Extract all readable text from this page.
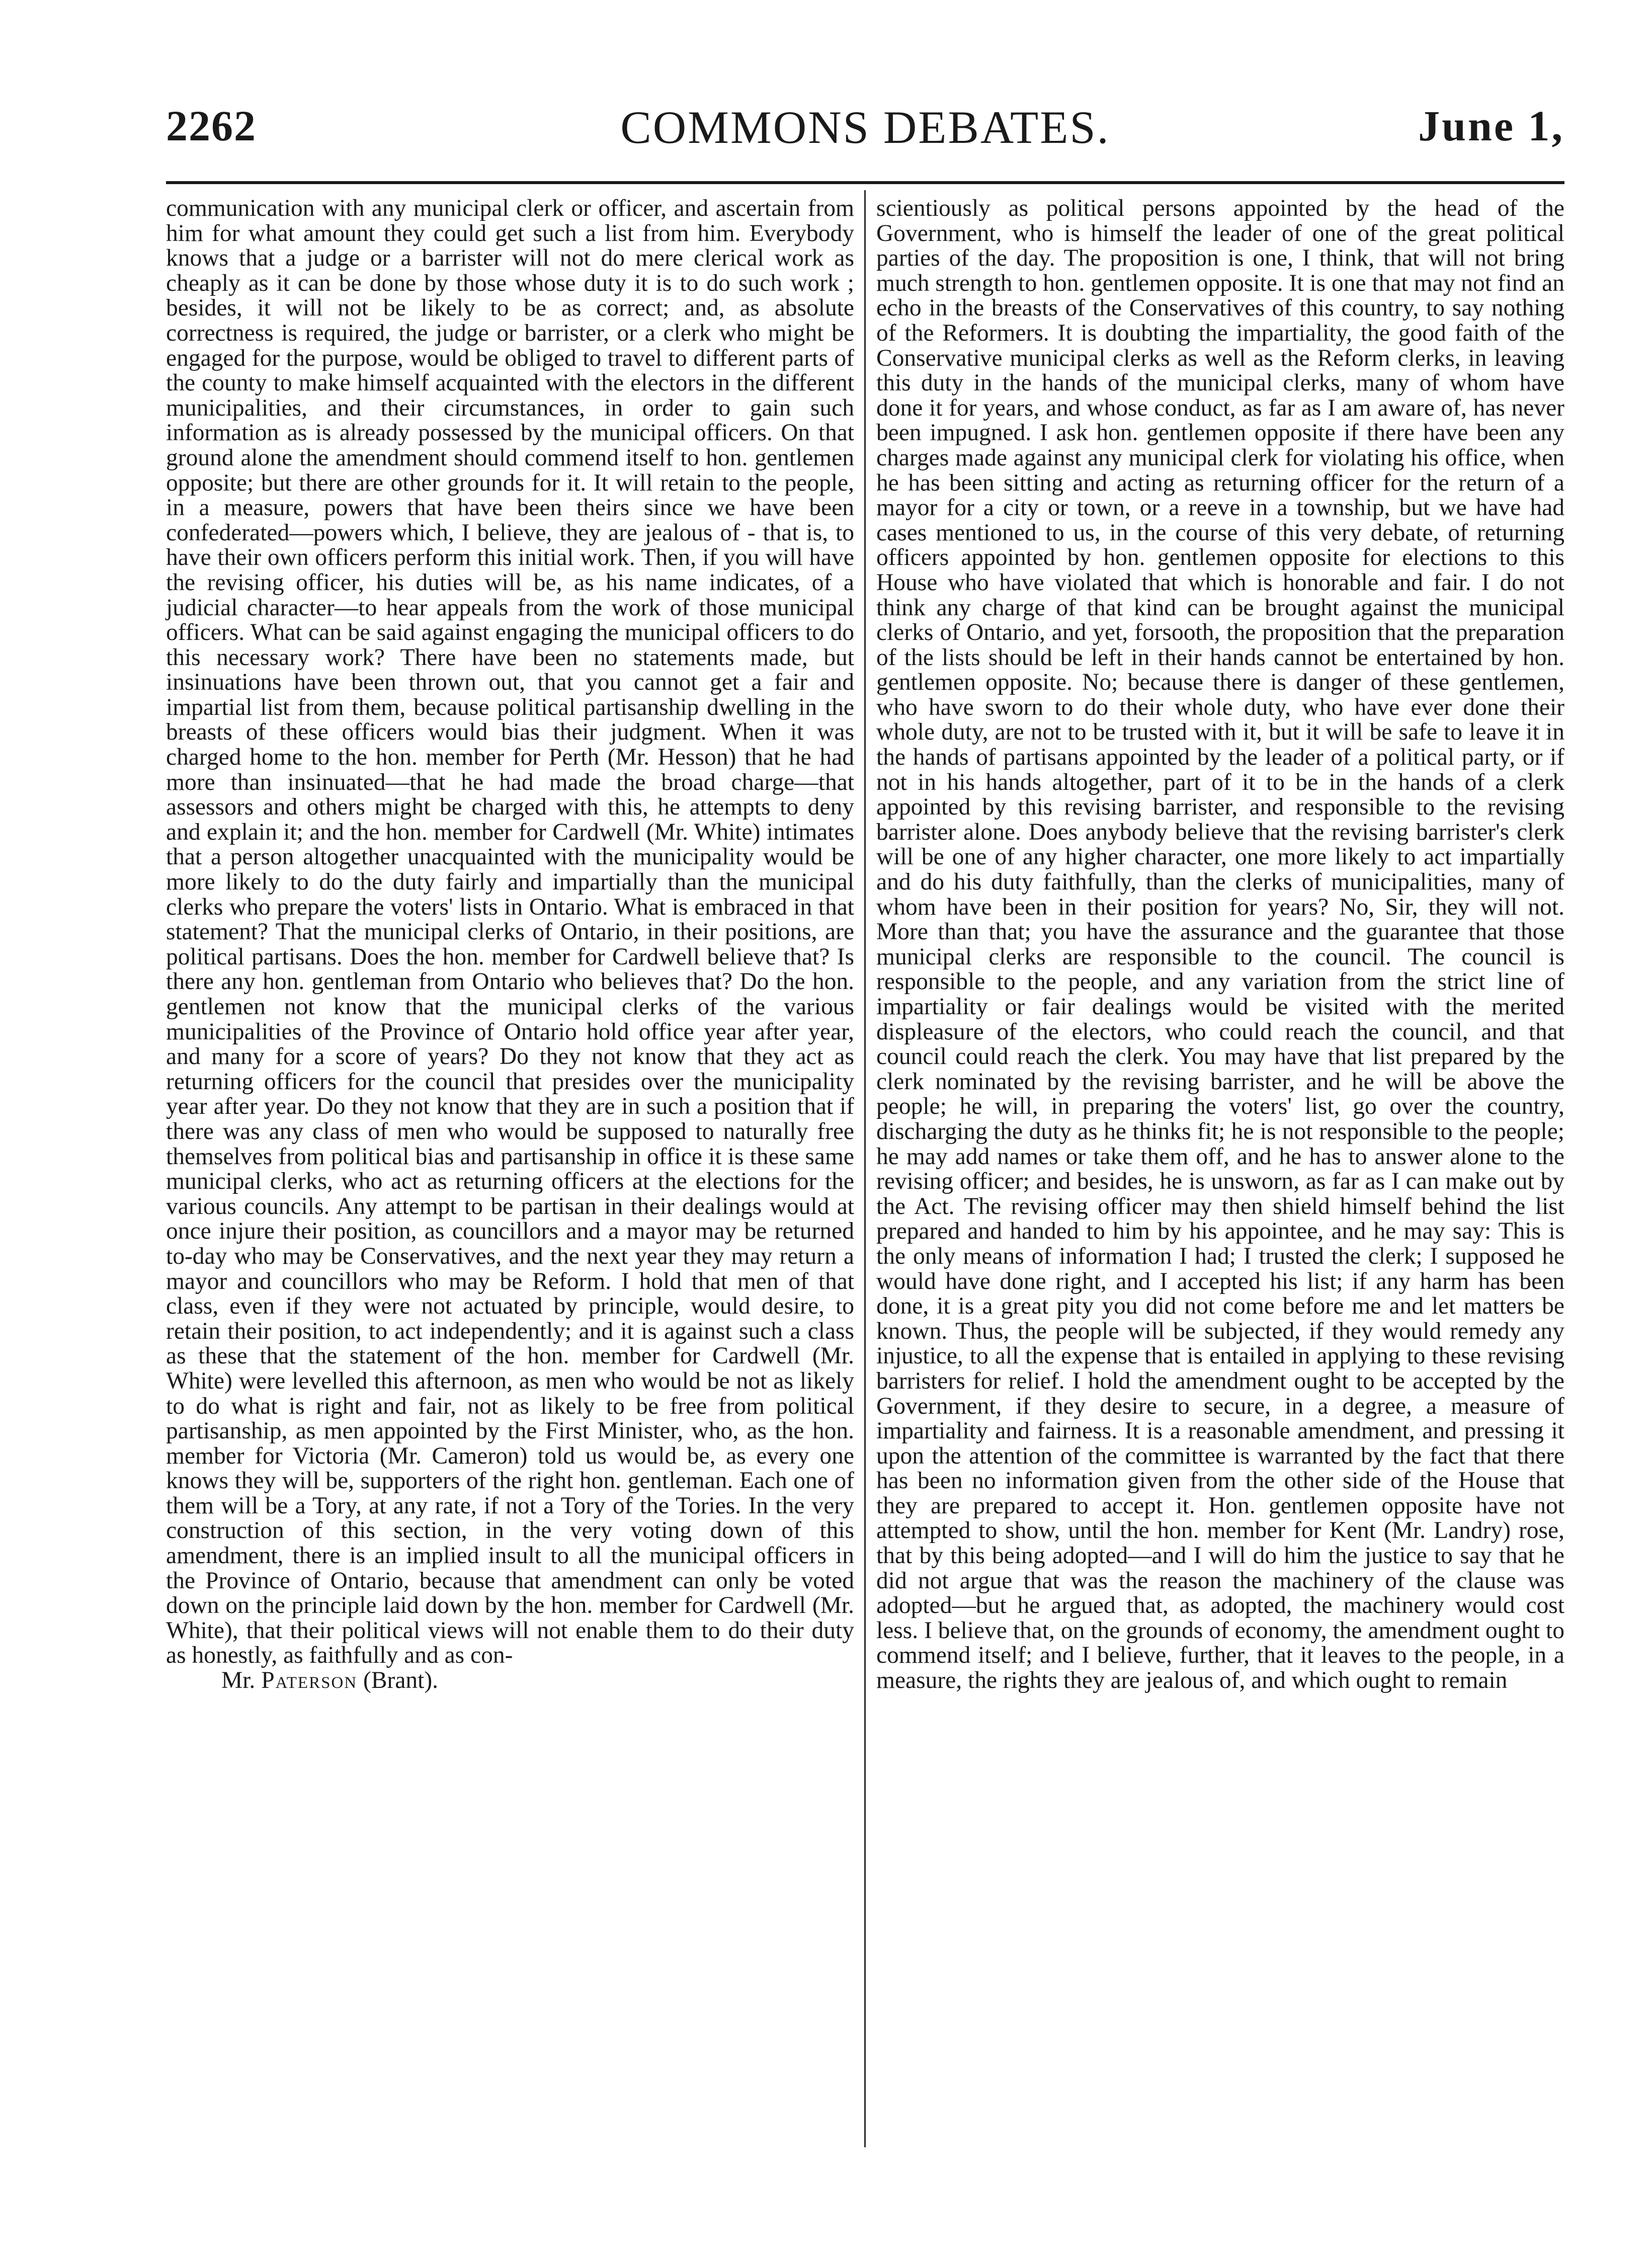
2262	COMMONS DEBATES.	June 1,

communication with any municipal clerk or officer, and ascertain from him for what amount they could get such a list from him. Everybody knows that a judge or a barrister will not do mere clerical work as cheaply as it can be done by those whose duty it is to do such work ; besides, it will not be likely to be as correct; and, as absolute correctness is required, the judge or barrister, or a clerk who might be engaged for the purpose, would be obliged to travel to different parts of the county to make himself acquainted with the electors in the different municipalities, and their circumstances, in order to gain such information as is already possessed by the municipal officers. On that ground alone the amendment should commend itself to hon. gentlemen opposite; but there are other grounds for it. It will retain to the people, in a measure, powers that have been theirs since we have been confederated—powers which, I believe, they are jealous of - that is, to have their own officers perform this initial work. Then, if you will have the revising officer, his duties will be, as his name indicates, of a judicial character—to hear appeals from the work of those municipal officers. What can be said against engaging the municipal officers to do this necessary work? There have been no statements made, but insinuations have been thrown out, that you cannot get a fair and impartial list from them, because political partisanship dwelling in the breasts of these officers would bias their judgment. When it was charged home to the hon. member for Perth (Mr. Hesson) that he had more than insinuated—that he had made the broad charge—that assessors and others might be charged with this, he attempts to deny and explain it; and the hon. member for Cardwell (Mr. White) intimates that a person altogether unacquainted with the municipality would be more likely to do the duty fairly and impartially than the municipal clerks who prepare the voters' lists in Ontario. What is embraced in that statement? That the municipal clerks of Ontario, in their positions, are political partisans. Does the hon. member for Cardwell believe that? Is there any hon. gentleman from Ontario who believes that? Do the hon. gentlemen not know that the municipal clerks of the various municipalities of the Province of Ontario hold office year after year, and many for a score of years? Do they not know that they act as returning officers for the council that presides over the municipality year after year. Do they not know that they are in such a position that if there was any class of men who would be supposed to naturally free themselves from political bias and partisanship in office it is these same municipal clerks, who act as returning officers at the elections for the various councils. Any attempt to be partisan in their dealings would at once injure their position, as councillors and a mayor may be returned to-day who may be Conservatives, and the next year they may return a mayor and councillors who may be Reform. I hold that men of that class, even if they were not actuated by principle, would desire, to retain their position, to act independently; and it is against such a class as these that the statement of the hon. member for Cardwell (Mr. White) were levelled this afternoon, as men who would be not as likely to do what is right and fair, not as likely to be free from political partisanship, as men appointed by the First Minister, who, as the hon. member for Victoria (Mr. Cameron) told us would be, as every one knows they will be, supporters of the right hon. gentleman. Each one of them will be a Tory, at any rate, if not a Tory of the Tories. In the very construction of this section, in the very voting down of this amendment, there is an implied insult to all the municipal officers in the Province of Ontario, because that amendment can only be voted down on the principle laid down by the hon. member for Cardwell (Mr. White), that their political views will not enable them to do their duty as honestly, as faithfully and as con-

Mr. Paterson (Brant).

scientiously as political persons appointed by the head of the Government, who is himself the leader of one of the great political parties of the day. The proposition is one, I think, that will not bring much strength to hon. gentlemen opposite. It is one that may not find an echo in the breasts of the Conservatives of this country, to say nothing of the Reformers. It is doubting the impartiality, the good faith of the Conservative municipal clerks as well as the Reform clerks, in leaving this duty in the hands of the municipal clerks, many of whom have done it for years, and whose conduct, as far as I am aware of, has never been impugned. I ask hon. gentlemen opposite if there have been any charges made against any municipal clerk for violating his office, when he has been sitting and acting as returning officer for the return of a mayor for a city or town, or a reeve in a township, but we have had cases mentioned to us, in the course of this very debate, of returning officers appointed by hon. gentlemen opposite for elections to this House who have violated that which is honorable and fair. I do not think any charge of that kind can be brought against the municipal clerks of Ontario, and yet, forsooth, the proposition that the preparation of the lists should be left in their hands cannot be entertained by hon. gentlemen opposite. No; because there is danger of these gentlemen, who have sworn to do their whole duty, who have ever done their whole duty, are not to be trusted with it, but it will be safe to leave it in the hands of partisans appointed by the leader of a political party, or if not in his hands altogether, part of it to be in the hands of a clerk appointed by this revising barrister, and responsible to the revising barrister alone. Does anybody believe that the revising barrister's clerk will be one of any higher character, one more likely to act impartially and do his duty faithfully, than the clerks of municipalities, many of whom have been in their position for years? No, Sir, they will not. More than that; you have the assurance and the guarantee that those municipal clerks are responsible to the council. The council is responsible to the people, and any variation from the strict line of impartiality or fair dealings would be visited with the merited displeasure of the electors, who could reach the council, and that council could reach the clerk. You may have that list prepared by the clerk nominated by the revising barrister, and he will be above the people; he will, in preparing the voters' list, go over the country, discharging the duty as he thinks fit; he is not responsible to the people; he may add names or take them off, and he has to answer alone to the revising officer; and besides, he is unsworn, as far as I can make out by the Act. The revising officer may then shield himself behind the list prepared and handed to him by his appointee, and he may say: This is the only means of information I had; I trusted the clerk; I supposed he would have done right, and I accepted his list; if any harm has been done, it is a great pity you did not come before me and let matters be known. Thus, the people will be subjected, if they would remedy any injustice, to all the expense that is entailed in applying to these revising barristers for relief. I hold the amendment ought to be accepted by the Government, if they desire to secure, in a degree, a measure of impartiality and fairness. It is a reasonable amendment, and pressing it upon the attention of the committee is warranted by the fact that there has been no information given from the other side of the House that they are prepared to accept it. Hon. gentlemen opposite have not attempted to show, until the hon. member for Kent (Mr. Landry) rose, that by this being adopted—and I will do him the justice to say that he did not argue that was the reason the machinery of the clause was adopted—but he argued that, as adopted, the machinery would cost less. I believe that, on the grounds of economy, the amendment ought to commend itself; and I believe, further, that it leaves to the people, in a measure, the rights they are jealous of, and which ought to remain
